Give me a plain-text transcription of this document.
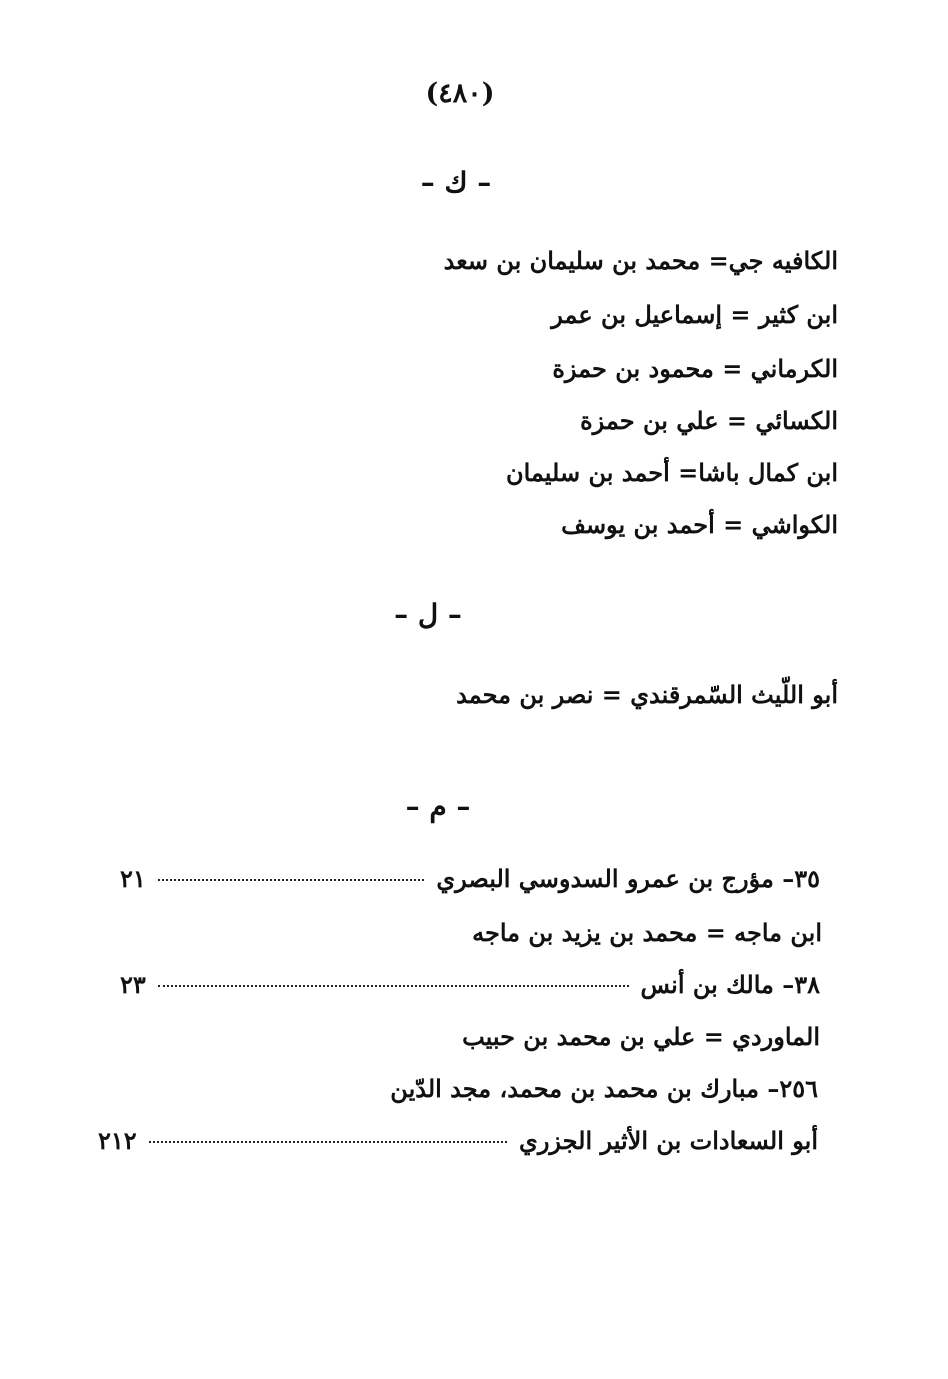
(٤٨٠)
– ك –
الكافيه جي= محمد بن سليمان بن سعد
ابن كثير = إسماعيل بن عمر
الكرماني = محمود بن حمزة
الكسائي = علي بن حمزة
ابن كمال باشا= أحمد بن سليمان
الكواشي = أحمد بن يوسف
– ل –
أبو اللّيث السّمرقندي = نصر بن محمد
– م –
٣٥– مؤرج بن عمرو السدوسي البصري
٢١
ابن ماجه = محمد بن يزيد بن ماجه
٣٨– مالك بن أنس
٢٣
الماوردي = علي بن محمد بن حبيب
٢٥٦– مبارك بن محمد بن محمد، مجد الدّين
أبو السعادات بن الأثير الجزري
٢١٢
